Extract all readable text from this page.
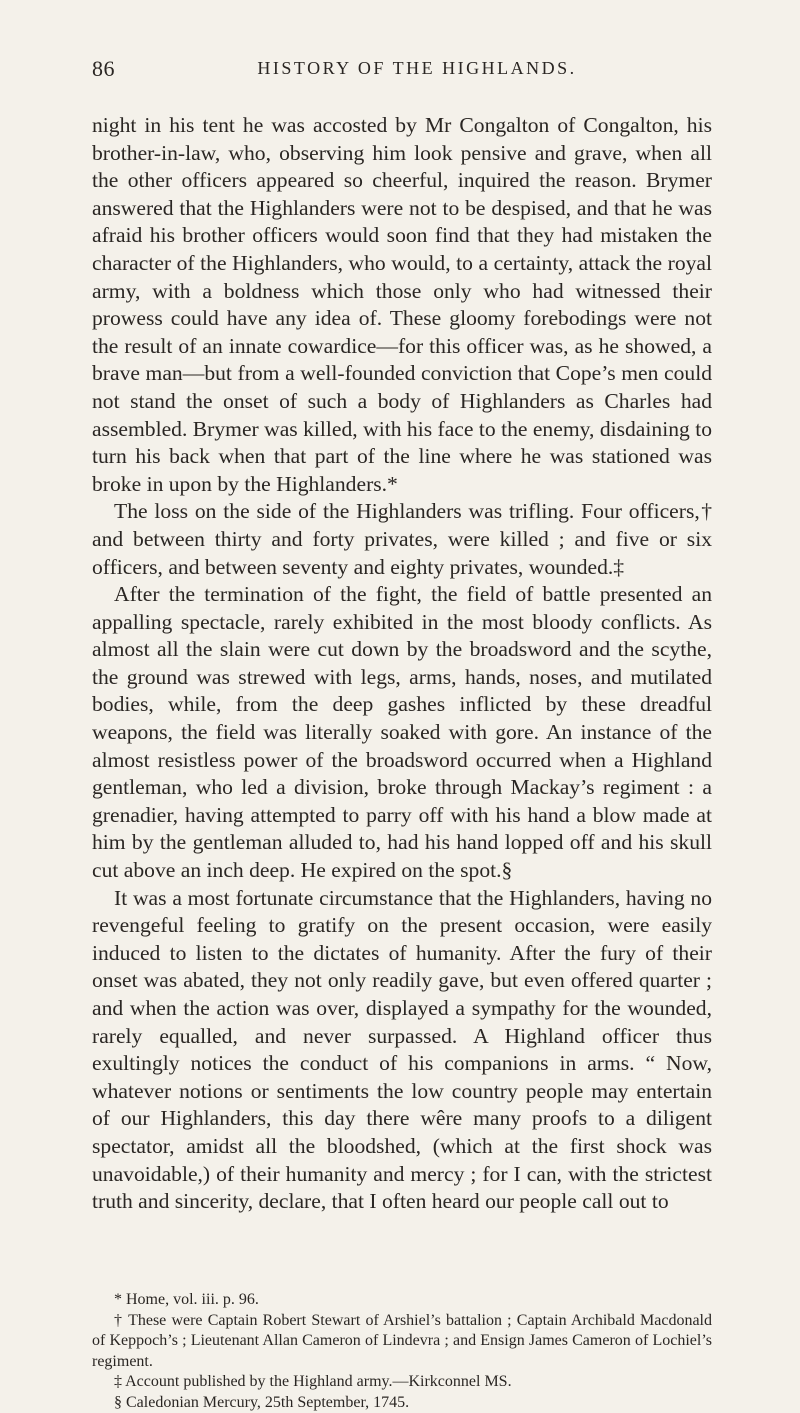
86	HISTORY OF THE HIGHLANDS.

night in his tent he was accosted by Mr Congalton of Congalton, his brother-in-law, who, observing him look pensive and grave, when all the other officers appeared so cheerful, inquired the reason. Brymer answered that the Highlanders were not to be despised, and that he was afraid his brother officers would soon find that they had mistaken the character of the Highlanders, who would, to a certainty, attack the royal army, with a boldness which those only who had witnessed their prowess could have any idea of. These gloomy forebodings were not the result of an innate cowardice—for this officer was, as he showed, a brave man—but from a well-founded conviction that Cope’s men could not stand the onset of such a body of Highlanders as Charles had assembled. Brymer was killed, with his face to the enemy, disdaining to turn his back when that part of the line where he was stationed was broke in upon by the Highlanders.*

The loss on the side of the Highlanders was trifling. Four officers,† and between thirty and forty privates, were killed ; and five or six officers, and between seventy and eighty privates, wounded.‡

After the termination of the fight, the field of battle presented an appalling spectacle, rarely exhibited in the most bloody conflicts. As almost all the slain were cut down by the broadsword and the scythe, the ground was strewed with legs, arms, hands, noses, and mutilated bodies, while, from the deep gashes inflicted by these dreadful weapons, the field was literally soaked with gore. An instance of the almost resistless power of the broadsword occurred when a Highland gentleman, who led a division, broke through Mackay’s regiment : a grenadier, having attempted to parry off with his hand a blow made at him by the gentleman alluded to, had his hand lopped off and his skull cut above an inch deep. He expired on the spot.§

It was a most fortunate circumstance that the Highlanders, having no revengeful feeling to gratify on the present occasion, were easily induced to listen to the dictates of humanity. After the fury of their onset was abated, they not only readily gave, but even offered quarter ; and when the action was over, displayed a sympathy for the wounded, rarely equalled, and never surpassed. A Highland officer thus exultingly notices the conduct of his companions in arms. “ Now, whatever notions or sentiments the low country people may entertain of our Highlanders, this day there wêre many proofs to a diligent spectator, amidst all the bloodshed, (which at the first shock was unavoidable,) of their humanity and mercy ; for I can, with the strictest truth and sincerity, declare, that I often heard our people call out to

* Home, vol. iii. p. 96.

† These were Captain Robert Stewart of Arshiel’s battalion ; Captain Archibald Macdonald of Keppoch’s ; Lieutenant Allan Cameron of Lindevra ; and Ensign James Cameron of Lochiel’s regiment.

‡ Account published by the Highland army.—Kirkconnel MS.

§ Caledonian Mercury, 25th September, 1745.
